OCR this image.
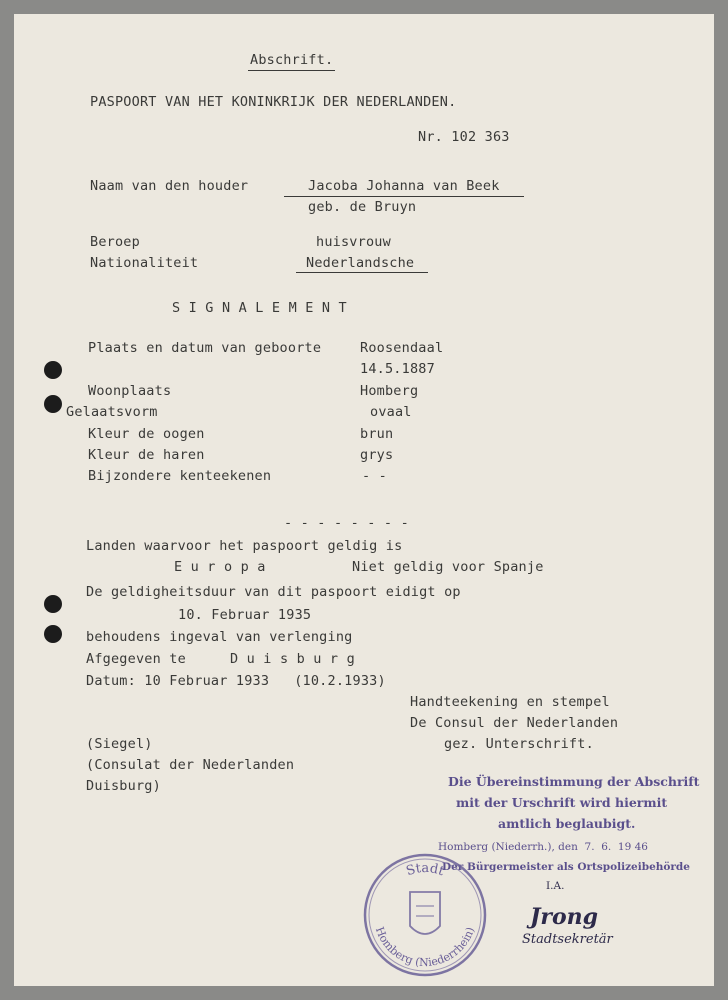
Abschrift.
PASPOORT VAN HET KONINKRIJK DER NEDERLANDEN.
Nr. 102 363
Naam van den houder	Jacoba Johanna van Beek
geb. de Bruyn
Beroep	huisvrouw
Nationaliteit	Nederlandsche
S I G N A L E M E N T
Plaats en datum van geboorte	Roosendaal
14.5.1887
Woonplaats	Homberg
Gelaatsvorm	ovaal
Kleur de oogen	brun
Kleur de haren	grys
Bijzondere kenteekenen	- -
- - - - - - - -
Landen waarvoor het paspoort geldig is
E u r o p a	Niet geldig voor Spanje
De geldigheitsduur van dit paspoort eidigt op
10. Februar 1935
behoudens ingeval van verlenging
Afgegeven te	D u i s b u r g
Datum: 10 Februar 1933   (10.2.1933)
Handteekening en stempel
De Consul der Nederlanden
gez. Unterschrift.
(Siegel)
(Consulat der Nederlanden
Duisburg)	Die Übereinstimmung der Abschrift
mit der Urschrift wird hiermit
amtlich beglaubigt.
Homberg (Niederrh.), den  7.  6.  19 46
Der Bürgermeister als Ortspolizeibehörde
I.A.
Stadt
Homberg (Niederrhein) Jrong
Stadtsekretär
